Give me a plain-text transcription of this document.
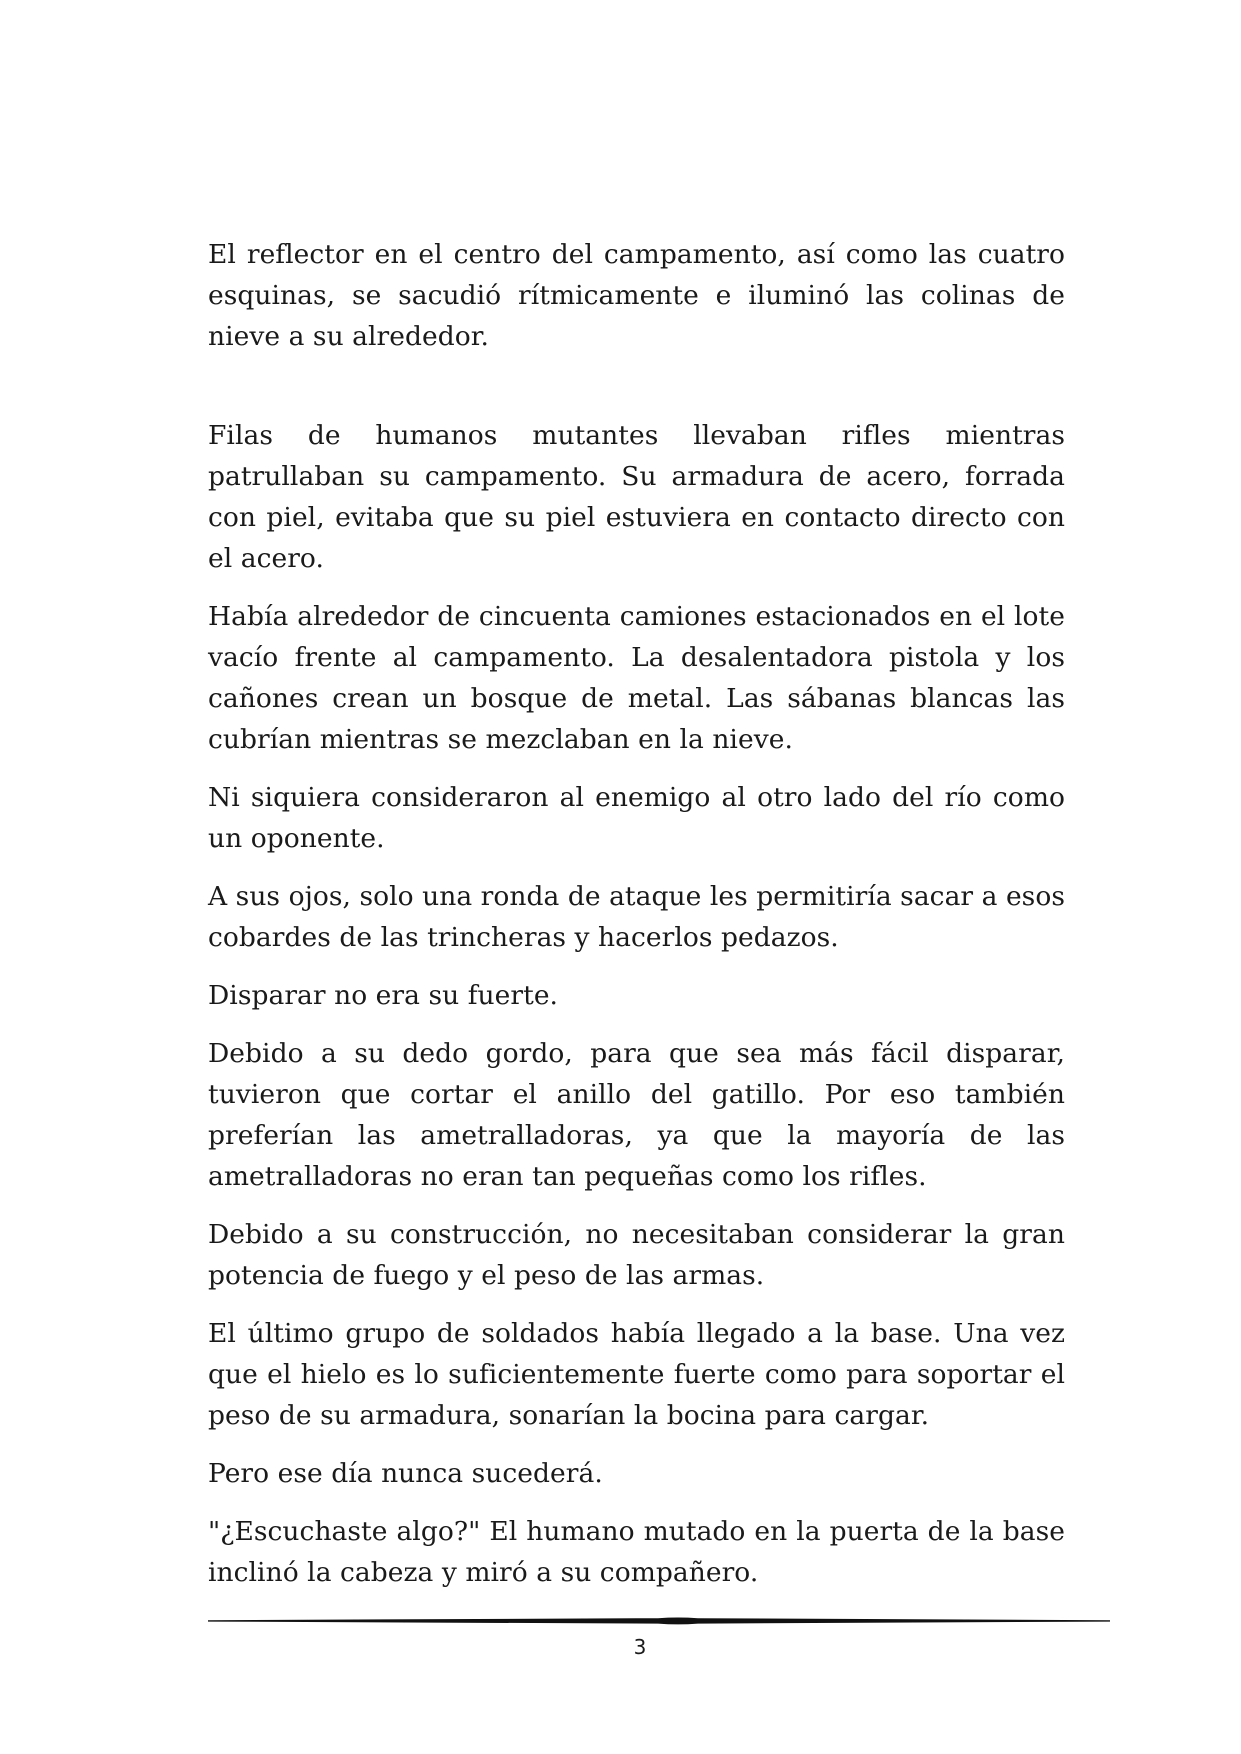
El reflector en el centro del campamento, así como las cuatro esquinas, se sacudió rítmicamente e iluminó las colinas de nieve a su alrededor.

Filas de humanos mutantes llevaban rifles mientras patrullaban su campamento. Su armadura de acero, forrada con piel, evitaba que su piel estuviera en contacto directo con el acero.

Había alrededor de cincuenta camiones estacionados en el lote vacío frente al campamento. La desalentadora pistola y los cañones crean un bosque de metal. Las sábanas blancas las cubrían mientras se mezclaban en la nieve.

Ni siquiera consideraron al enemigo al otro lado del río como un oponente.

A sus ojos, solo una ronda de ataque les permitiría sacar a esos cobardes de las trincheras y hacerlos pedazos.

Disparar no era su fuerte.

Debido a su dedo gordo, para que sea más fácil disparar, tuvieron que cortar el anillo del gatillo. Por eso también preferían las ametralladoras, ya que la mayoría de las ametralladoras no eran tan pequeñas como los rifles.

Debido a su construcción, no necesitaban considerar la gran potencia de fuego y el peso de las armas.

El último grupo de soldados había llegado a la base. Una vez que el hielo es lo suficientemente fuerte como para soportar el peso de su armadura, sonarían la bocina para cargar.

Pero ese día nunca sucederá.

"¿Escuchaste algo?" El humano mutado en la puerta de la base inclinó la cabeza y miró a su compañero.

3
